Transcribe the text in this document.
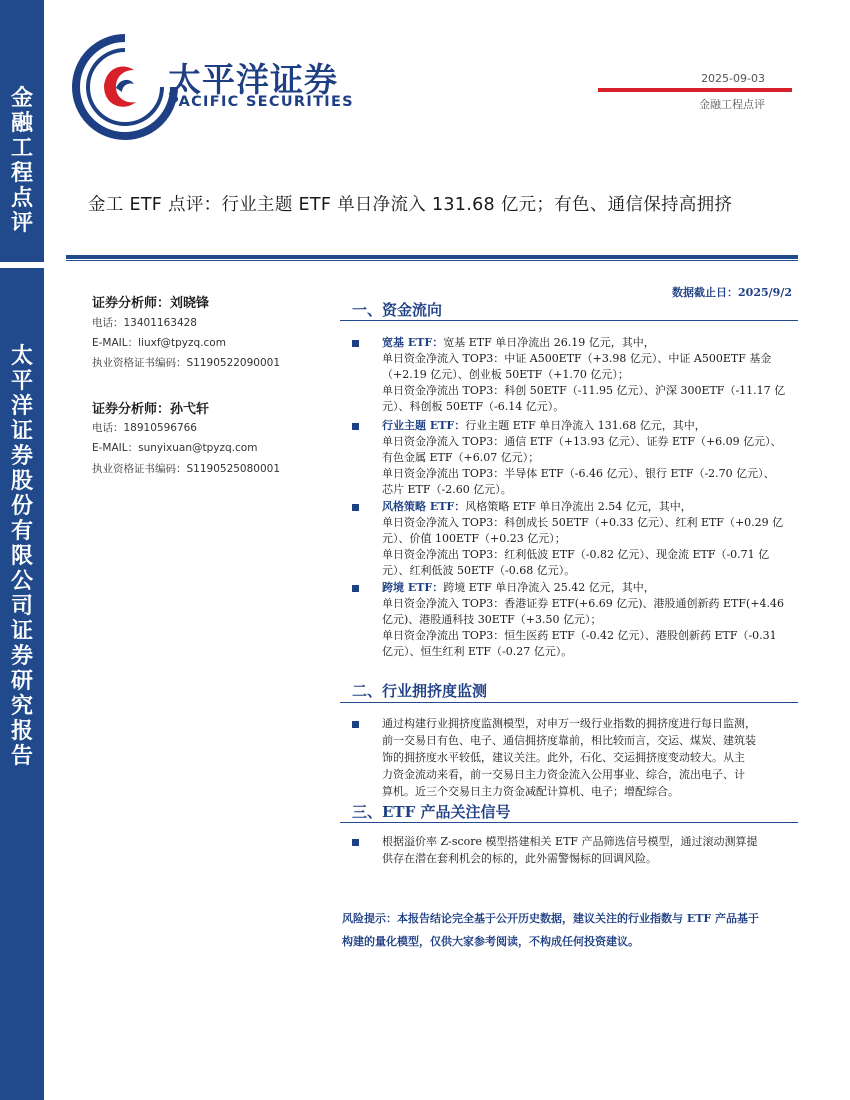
金
融
工
程
点
评
太
平
洋
证
券
股
份
有
限
公
司
证
券
研
究
报
告
太平洋证券
PACIFIC SECURITIES
2025-09-03
金融工程点评
金工 ETF 点评：行业主题 ETF 单日净流入 131.68 亿元；有色、通信保持高拥挤
证券分析师：刘晓锋
电话：13401163428
E-MAIL：liuxf@tpyzq.com
执业资格证书编码：S1190522090001
证券分析师：孙弋轩
电话：18910596766
E-MAIL：sunyixuan@tpyzq.com
执业资格证书编码：S1190525080001
数据截止日：2025/9/2
一、资金流向
宽基 ETF：宽基 ETF 单日净流出 26.19 亿元，其中，
单日资金净流入 TOP3：中证 A500ETF（+3.98 亿元）、中证 A500ETF 基金
（+2.19 亿元）、创业板 50ETF（+1.70 亿元）；
单日资金净流出 TOP3：科创 50ETF（-11.95 亿元）、沪深 300ETF（-11.17 亿
元）、科创板 50ETF（-6.14 亿元）。
行业主题 ETF：行业主题 ETF 单日净流入 131.68 亿元，其中，
单日资金净流入 TOP3：通信 ETF（+13.93 亿元）、证券 ETF（+6.09 亿元）、
有色金属 ETF（+6.07 亿元）；
单日资金净流出 TOP3：半导体 ETF（-6.46 亿元）、银行 ETF（-2.70 亿元）、
芯片 ETF（-2.60 亿元）。
风格策略 ETF：风格策略 ETF 单日净流出 2.54 亿元，其中，
单日资金净流入 TOP3：科创成长 50ETF（+0.33 亿元）、红利 ETF（+0.29 亿
元）、价值 100ETF（+0.23 亿元）；
单日资金净流出 TOP3：红利低波 ETF（-0.82 亿元）、现金流 ETF（-0.71 亿
元）、红利低波 50ETF（-0.68 亿元）。
跨境 ETF：跨境 ETF 单日净流入 25.42 亿元，其中，
单日资金净流入 TOP3：香港证券 ETF(+6.69 亿元)、港股通创新药 ETF(+4.46
亿元)、港股通科技 30ETF（+3.50 亿元）；
单日资金净流出 TOP3：恒生医药 ETF（-0.42 亿元）、港股创新药 ETF（-0.31
亿元）、恒生红利 ETF（-0.27 亿元）。
二、行业拥挤度监测
通过构建行业拥挤度监测模型，对申万一级行业指数的拥挤度进行每日监测，
前一交易日有色、电子、通信拥挤度靠前，相比较而言，交运、煤炭、建筑装
饰的拥挤度水平较低，建议关注。此外，石化、交运拥挤度变动较大。从主
力资金流动来看，前一交易日主力资金流入公用事业、综合，流出电子、计
算机。近三个交易日主力资金减配计算机、电子；增配综合。
三、ETF 产品关注信号
根据溢价率 Z-score 模型搭建相关 ETF 产品筛选信号模型，通过滚动测算提
供存在潜在套利机会的标的，此外需警惕标的回调风险。
风险提示：本报告结论完全基于公开历史数据，建议关注的行业指数与 ETF 产品基于
构建的量化模型，仅供大家参考阅读，不构成任何投资建议。
